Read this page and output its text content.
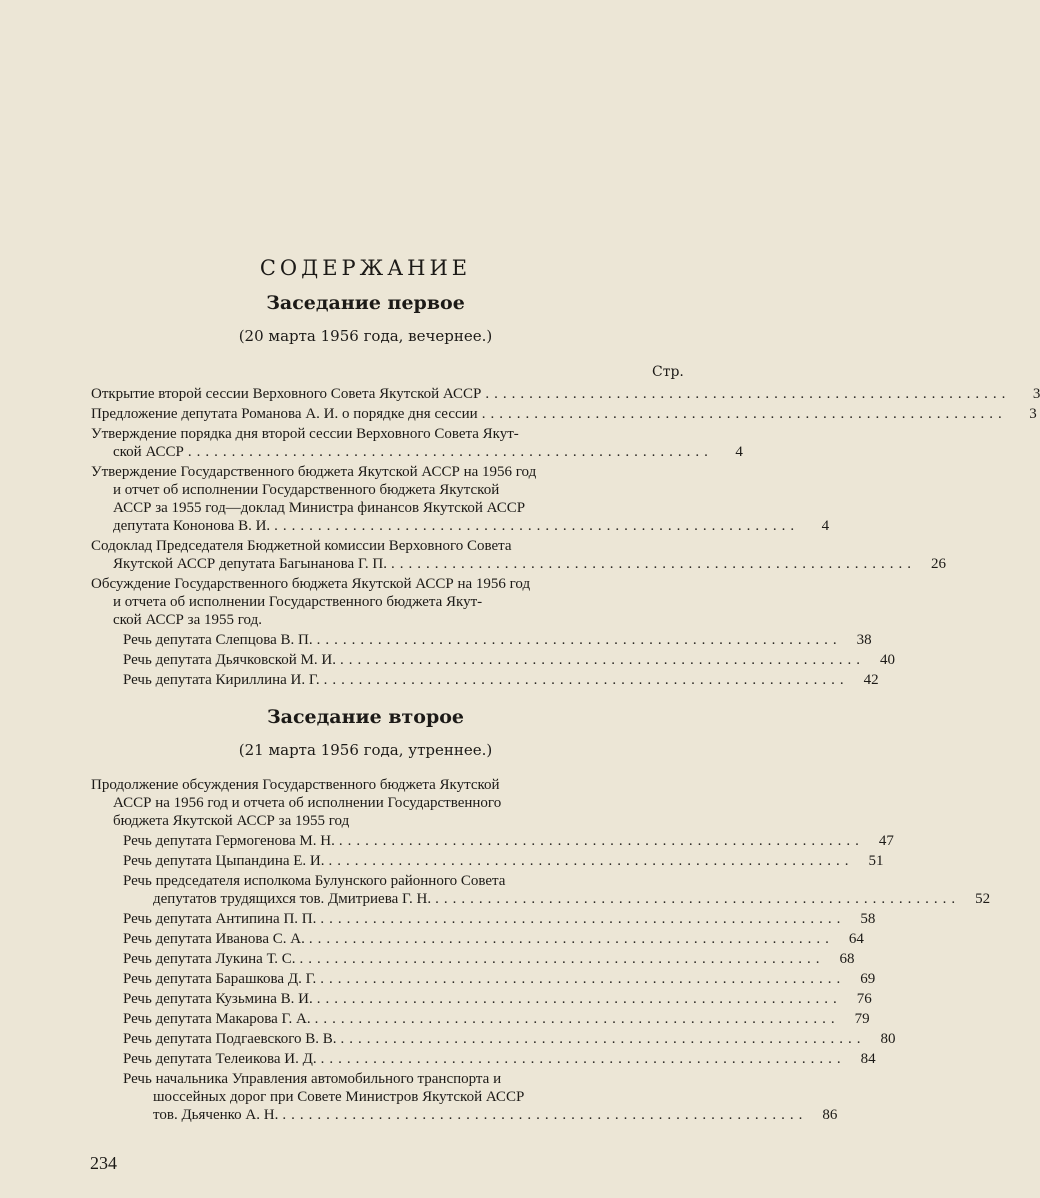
СОДЕРЖАНИЕ
Заседание первое
(20 марта 1956 года, вечернее.)
Стр.
Открытие второй сессии Верховного Совета Якутской АССР ............................................................	3
Предложение депутата Романова А. И. о порядке дня сессии ............................................................	3
Утверждение порядка дня второй сессии Верховного Совета Якут-
ской АССР ............................................................	4
Утверждение Государственного бюджета Якутской АССР на 1956 год
и отчет об исполнении Государственного бюджета Якутской
АССР за 1955 год—доклад Министра финансов Якутской АССР
депутата Кононова В. И. ............................................................	4
Содоклад Председателя Бюджетной комиссии Верховного Совета
Якутской АССР депутата Багынанова Г. П. ............................................................	26
Обсуждение Государственного бюджета Якутской АССР на 1956 год
и отчета об исполнении Государственного бюджета Якут-
ской АССР за 1955 год.
Речь депутата Слепцова В. П. ............................................................	38
Речь депутата Дьячковской М. И. ............................................................	40
Речь депутата Кириллина И. Г. ............................................................	42
Заседание второе
(21 марта 1956 года, утреннее.)
Продолжение обсуждения Государственного бюджета Якутской
АССР на 1956 год и отчета об исполнении Государственного
бюджета Якутской АССР за 1955 год
Речь депутата Гермогенова М. Н. ............................................................	47
Речь депутата Цыпандина Е. И. ............................................................	51
Речь председателя исполкома Булунского районного Совета
депутатов трудящихся тов. Дмитриева Г. Н. ............................................................	52
Речь депутата Антипина П. П. ............................................................	58
Речь депутата Иванова С. А. ............................................................	64
Речь депутата Лукина Т. С. ............................................................	68
Речь депутата Барашкова Д. Г. ............................................................	69
Речь депутата Кузьмина В. И. ............................................................	76
Речь депутата Макарова Г. А. ............................................................	79
Речь депутата Подгаевского В. В. ............................................................	80
Речь депутата Телеикова И. Д. ............................................................	84
Речь начальника Управления автомобильного транспорта и
шоссейных дорог при Совете Министров Якутской АССР
тов. Дьяченко А. Н. ............................................................	86
234
